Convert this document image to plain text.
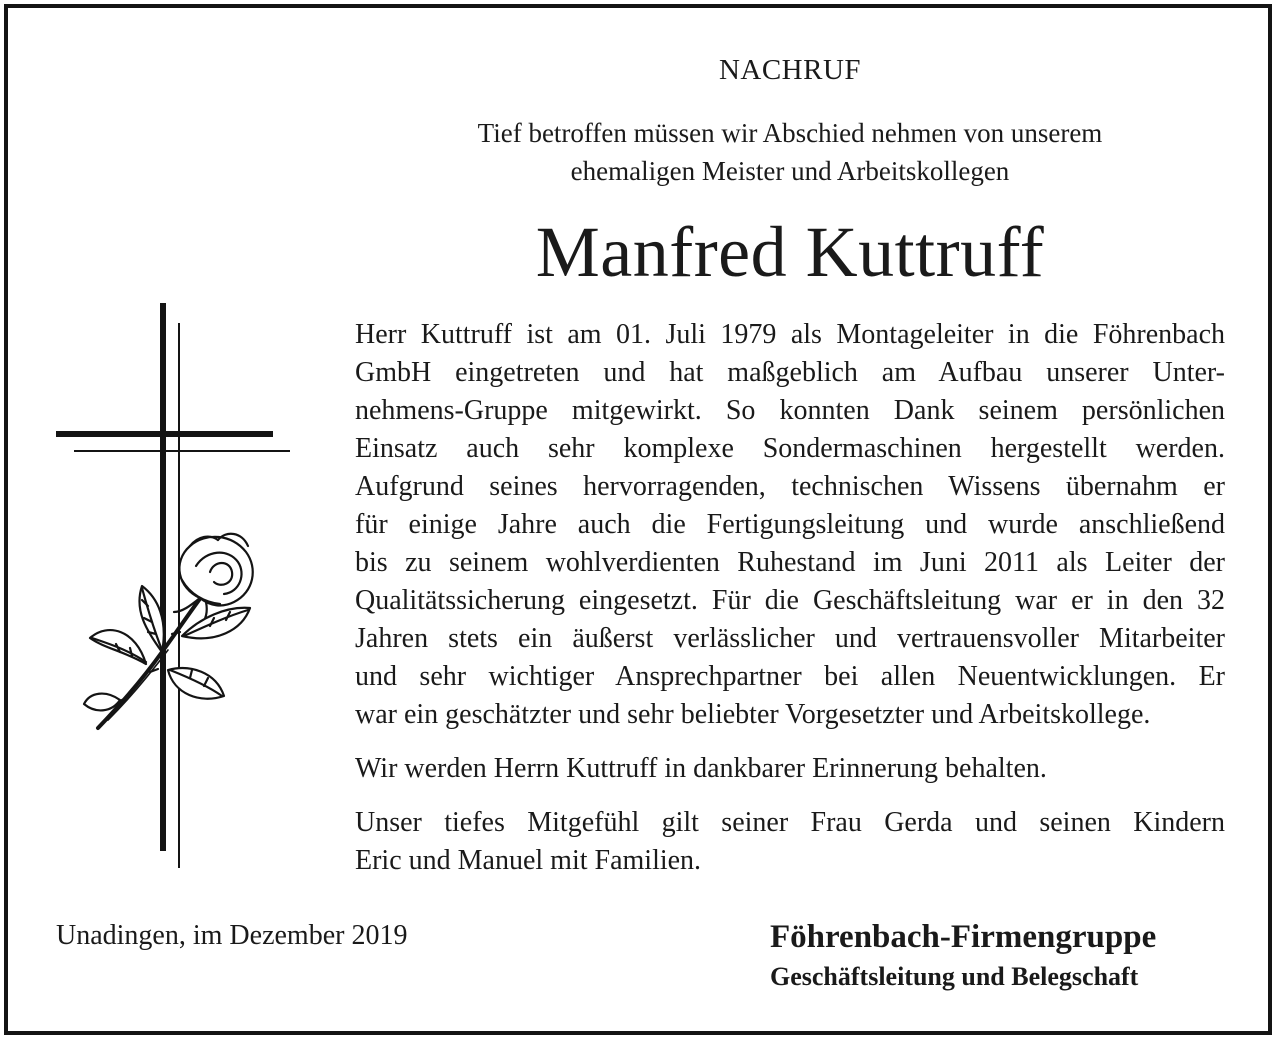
NACHRUF
Tief betroffen müssen wir Abschied nehmen von unserem
ehemaligen Meister und Arbeitskollegen
Manfred Kuttruff
Herr Kuttruff ist am 01. Juli 1979 als Montageleiter in die Föhrenbach
GmbH eingetreten und hat maßgeblich am Aufbau unserer Unter-
nehmens-Gruppe mitgewirkt. So konnten Dank seinem persönlichen
Einsatz auch sehr komplexe Sondermaschinen hergestellt werden.
Aufgrund seines hervorragenden, technischen Wissens übernahm er
für einige Jahre auch die Fertigungsleitung und wurde anschließend
bis zu seinem wohlverdienten Ruhestand im Juni 2011 als Leiter der
Qualitätssicherung eingesetzt. Für die Geschäftsleitung war er in den 32
Jahren stets ein äußerst verlässlicher und vertrauensvoller Mitarbeiter
und sehr wichtiger Ansprechpartner bei allen Neuentwicklungen. Er
war ein geschätzter und sehr beliebter Vorgesetzter und Arbeitskollege.
Wir werden Herrn Kuttruff in dankbarer Erinnerung behalten.
Unser tiefes Mitgefühl gilt seiner Frau Gerda und seinen Kindern
Eric und Manuel mit Familien.
Unadingen, im Dezember 2019	Föhrenbach-Firmengruppe
Geschäftsleitung und Belegschaft
